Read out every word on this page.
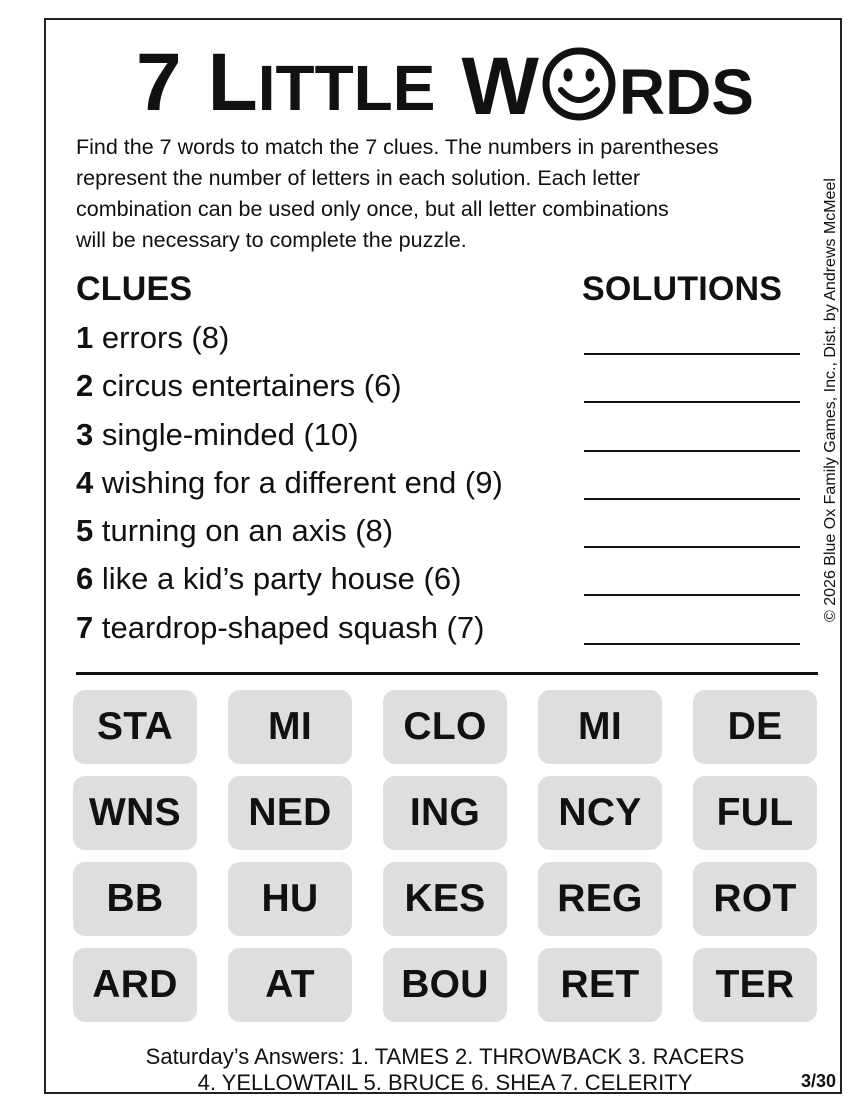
7 L ITTLE W RDS
Find the 7 words to match the 7 clues. The numbers in parentheses
represent the number of letters in each solution. Each letter
combination can be used only once, but all letter combinations
will be necessary to complete the puzzle.	© 2026 Blue Ox Family Games, Inc., Dist. by Andrews McMeel
CLUES	SOLUTIONS
1 errors (8)
2 circus entertainers (6)
3 single-minded (10)
4 wishing for a different end (9)
5 turning on an axis (8)
6 like a kid’s party house (6)
7 teardrop-shaped squash (7)
STA	MI	CLO	MI	DE
WNS	NED	ING	NCY	FUL
BB	HU	KES	REG	ROT
ARD	AT	BOU	RET	TER
Saturday’s Answers: 1. TAMES 2. THROWBACK 3. RACERS
4. YELLOWTAIL 5. BRUCE 6. SHEA 7. CELERITY	3/30
